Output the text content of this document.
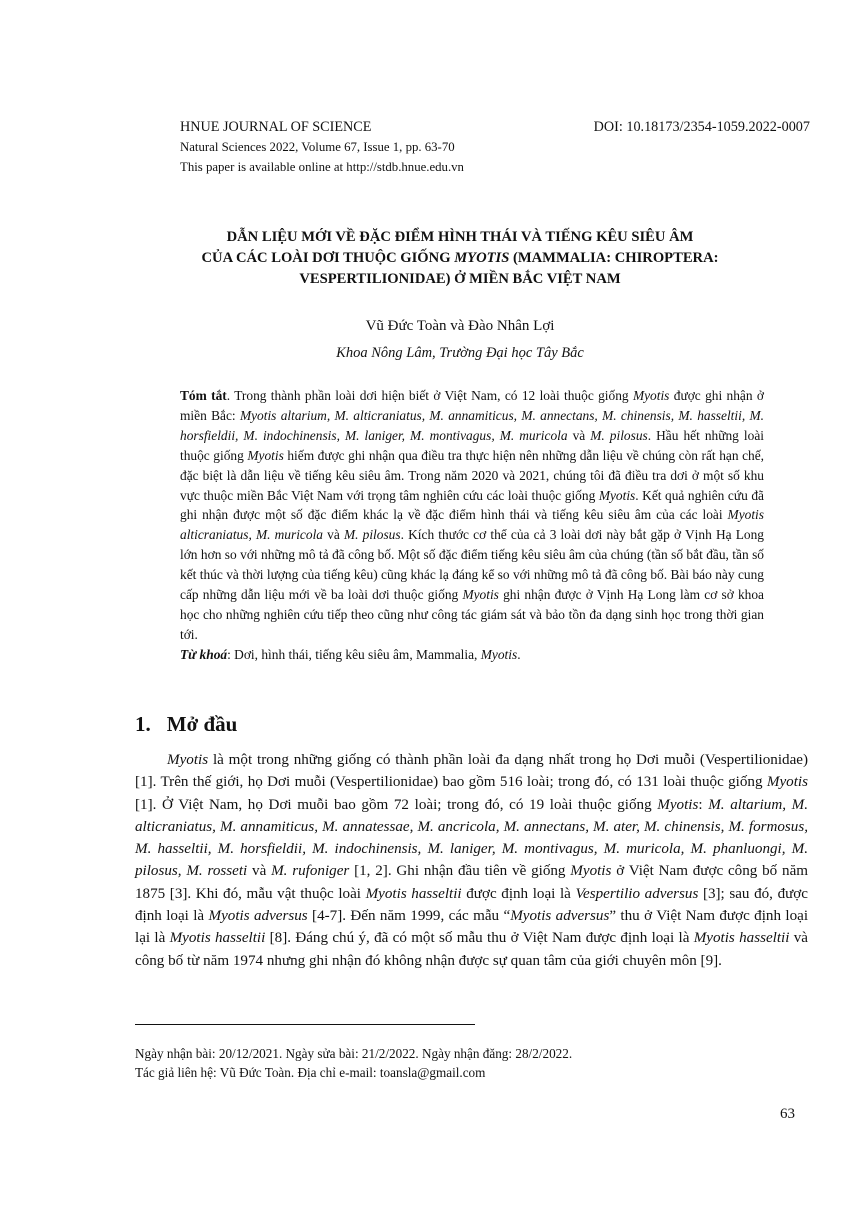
HNUE JOURNAL OF SCIENCE	DOI: 10.18173/2354-1059.2022-0007
Natural Sciences 2022, Volume 67, Issue 1, pp. 63-70
This paper is available online at http://stdb.hnue.edu.vn
DẪN LIỆU MỚI VỀ ĐẶC ĐIỂM HÌNH THÁI VÀ TIẾNG KÊU SIÊU ÂM
CỦA CÁC LOÀI DƠI THUỘC GIỐNG MYOTIS (MAMMALIA: CHIROPTERA:
VESPERTILIONIDAE) Ở MIỀN BẮC VIỆT NAM
Vũ Đức Toàn và Đào Nhân Lợi
Khoa Nông Lâm, Trường Đại học Tây Bắc

Tóm tắt. Trong thành phần loài dơi hiện biết ở Việt Nam, có 12 loài thuộc giống Myotis được ghi nhận ở miền Bắc: Myotis altarium, M. alticraniatus, M. annamiticus, M. annectans, M. chinensis, M. hasseltii, M. horsfieldii, M. indochinensis, M. laniger, M. montivagus, M. muricola và M. pilosus. Hầu hết những loài thuộc giống Myotis hiếm được ghi nhận qua điều tra thực hiện nên những dẫn liệu về chúng còn rất hạn chế, đặc biệt là dẫn liệu về tiếng kêu siêu âm. Trong năm 2020 và 2021, chúng tôi đã điều tra dơi ở một số khu vực thuộc miền Bắc Việt Nam với trọng tâm nghiên cứu các loài thuộc giống Myotis. Kết quả nghiên cứu đã ghi nhận được một số đặc điểm khác lạ về đặc điểm hình thái và tiếng kêu siêu âm của các loài Myotis alticraniatus, M. muricola và M. pilosus. Kích thước cơ thể của cả 3 loài dơi này bắt gặp ở Vịnh Hạ Long lớn hơn so với những mô tả đã công bố. Một số đặc điểm tiếng kêu siêu âm của chúng (tần số bắt đầu, tần số kết thúc và thời lượng của tiếng kêu) cũng khác lạ đáng kể so với những mô tả đã công bố. Bài báo này cung cấp những dẫn liệu mới về ba loài dơi thuộc giống Myotis ghi nhận được ở Vịnh Hạ Long làm cơ sở khoa học cho những nghiên cứu tiếp theo cũng như công tác giám sát và bảo tồn đa dạng sinh học trong thời gian tới.

Từ khoá: Dơi, hình thái, tiếng kêu siêu âm, Mammalia, Myotis.

1. Mở đầu

Myotis là một trong những giống có thành phần loài đa dạng nhất trong họ Dơi muỗi (Vespertilionidae) [1]. Trên thế giới, họ Dơi muỗi (Vespertilionidae) bao gồm 516 loài; trong đó, có 131 loài thuộc giống Myotis [1]. Ở Việt Nam, họ Dơi muỗi bao gồm 72 loài; trong đó, có 19 loài thuộc giống Myotis: M. altarium, M. alticraniatus, M. annamiticus, M. annatessae, M. ancricola, M. annectans, M. ater, M. chinensis, M. formosus, M. hasseltii, M. horsfieldii, M. indochinensis, M. laniger, M. montivagus, M. muricola, M. phanluongi, M. pilosus, M. rosseti và M. rufoniger [1, 2]. Ghi nhận đầu tiên về giống Myotis ở Việt Nam được công bố năm 1875 [3]. Khi đó, mẫu vật thuộc loài Myotis hasseltii được định loại là Vespertilio adversus [3]; sau đó, được định loại là Myotis adversus [4-7]. Đến năm 1999, các mẫu “Myotis adversus” thu ở Việt Nam được định loại lại là Myotis hasseltii [8]. Đáng chú ý, đã có một số mẫu thu ở Việt Nam được định loại là Myotis hasseltii và công bố từ năm 1974 nhưng ghi nhận đó không nhận được sự quan tâm của giới chuyên môn [9].

Ngày nhận bài: 20/12/2021. Ngày sửa bài: 21/2/2022. Ngày nhận đăng: 28/2/2022.
Tác giả liên hệ: Vũ Đức Toàn. Địa chỉ e-mail: toansla@gmail.com
63
